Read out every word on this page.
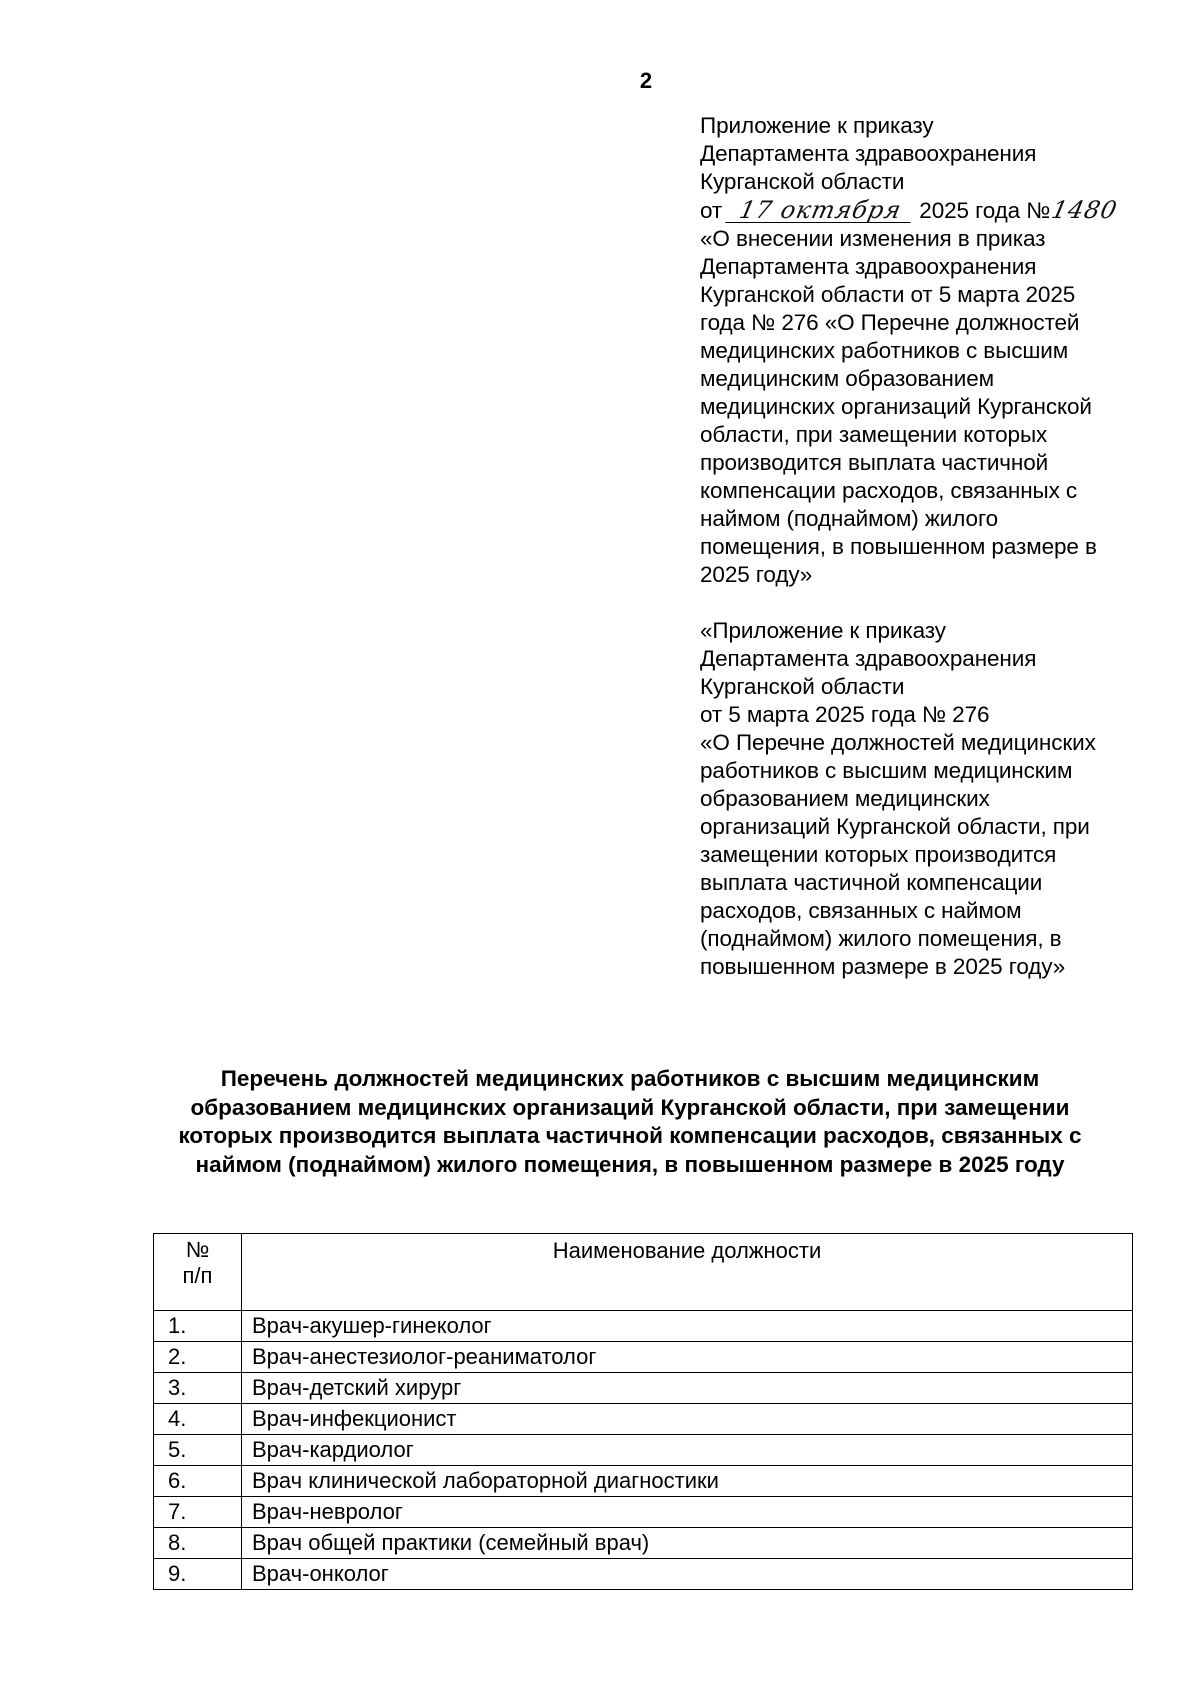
2
Приложение к приказу
Департамента здравоохранения
Курганской области
от 17 октября 2025 года №1480
«О внесении изменения в приказ
Департамента здравоохранения
Курганской области от 5 марта 2025
года № 276 «О Перечне должностей
медицинских работников с высшим
медицинским образованием
медицинских организаций Курганской
области, при замещении которых
производится выплата частичной
компенсации расходов, связанных с
наймом (поднаймом) жилого
помещения, в повышенном размере в
2025 году»
«Приложение к приказу
Департамента здравоохранения
Курганской области
от 5 марта 2025 года № 276
«О Перечне должностей медицинских
работников с высшим медицинским
образованием медицинских
организаций Курганской области, при
замещении которых производится
выплата частичной компенсации
расходов, связанных с наймом
(поднаймом) жилого помещения, в
повышенном размере в 2025 году»
Перечень должностей медицинских работников с высшим медицинским
образованием медицинских организаций Курганской области, при замещении
которых производится выплата частичной компенсации расходов, связанных с
наймом (поднаймом) жилого помещения, в повышенном размере в 2025 году
№
п/п	Наименование должности
1.	Врач-акушер-гинеколог
2.	Врач-анестезиолог-реаниматолог
3.	Врач-детский хирург
4.	Врач-инфекционист
5.	Врач-кардиолог
6.	Врач клинической лабораторной диагностики
7.	Врач-невролог
8.	Врач общей практики (семейный врач)
9.	Врач-онколог
